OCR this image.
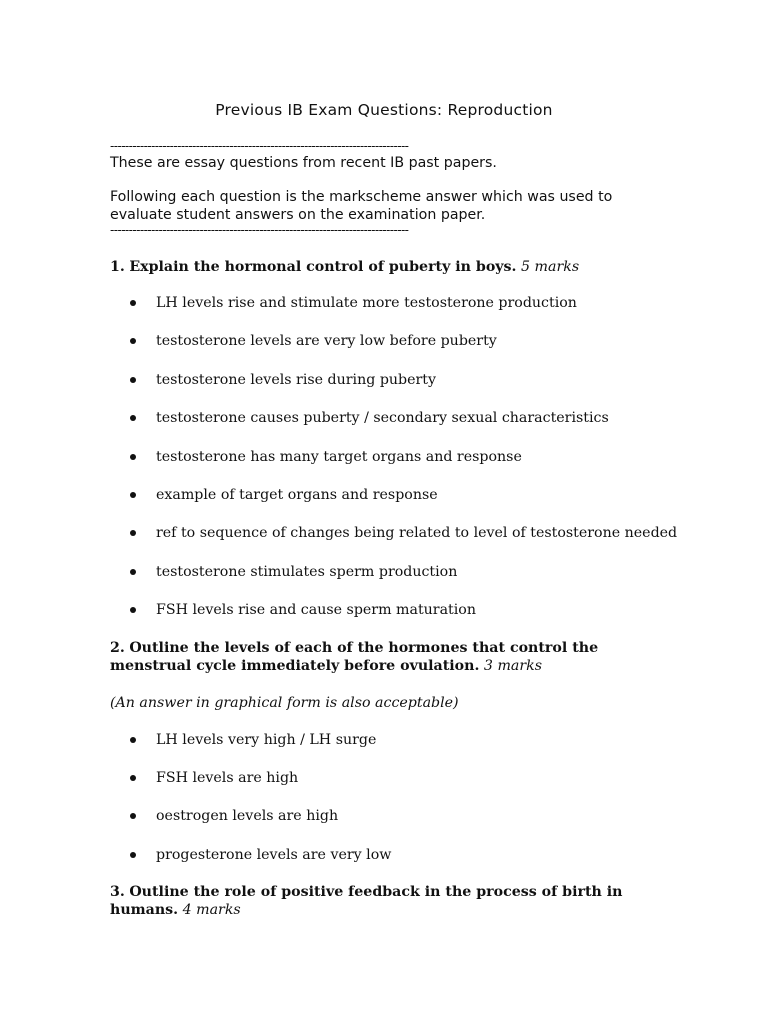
Previous IB Exam Questions: Reproduction
--------------------------------------------------------------------------------
These are essay questions from recent IB past papers.
Following each question is the markscheme answer which was used to evaluate student answers on the examination paper.
--------------------------------------------------------------------------------
1. Explain the hormonal control of puberty in boys. 5 marks
LH levels rise and stimulate more testosterone production
testosterone levels are very low before puberty
testosterone levels rise during puberty
testosterone causes puberty / secondary sexual characteristics
testosterone has many target organs and response
example of target organs and response
ref to sequence of changes being related to level of testosterone needed
testosterone stimulates sperm production
FSH levels rise and cause sperm maturation
2. Outline the levels of each of the hormones that control the menstrual cycle immediately before ovulation. 3 marks
(An answer in graphical form is also acceptable)
LH levels very high / LH surge
FSH levels are high
oestrogen levels are high
progesterone levels are very low
3. Outline the role of positive feedback in the process of birth in humans. 4 marks
